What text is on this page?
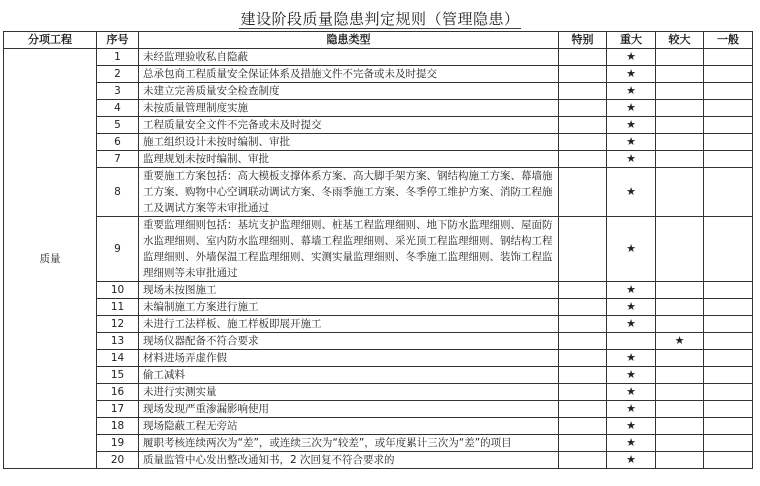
建设阶段质量隐患判定规则（管理隐患）
分项工程	序号	隐患类型	特别	重大	较大	一般
质量	1	未经监理验收私自隐蔽		★		
	2	总承包商工程质量安全保证体系及措施文件不完备或未及时提交		★		
	3	未建立完善质量安全检查制度		★		
	4	未按质量管理制度实施		★		
	5	工程质量安全文件不完备或未及时提交		★		
	6	施工组织设计未按时编制、审批		★		
	7	监理规划未按时编制、审批		★		
	8	重要施工方案包括：高大模板支撑体系方案、高大脚手架方案、钢结构施工方案、幕墙施工方案、购物中心空调联动调试方案、冬雨季施工方案、冬季停工维护方案、消防工程施工及调试方案等未审批通过		★		
	9	重要监理细则包括：基坑支护监理细则、桩基工程监理细则、地下防水监理细则、屋面防水监理细则、室内防水监理细则、幕墙工程监理细则、采光顶工程监理细则、钢结构工程监理细则、外墙保温工程监理细则、实测实量监理细则、冬季施工监理细则、装饰工程监理细则等未审批通过		★		
	10	现场未按图施工		★		
	11	未编制施工方案进行施工		★		
	12	未进行工法样板、施工样板即展开施工		★		
	13	现场仪器配备不符合要求			★	
	14	材料进场弄虚作假		★		
	15	偷工减料		★		
	16	未进行实测实量		★		
	17	现场发现严重渗漏影响使用		★		
	18	现场隐蔽工程无旁站		★		
	19	履职考核连续两次为“差”，或连续三次为“较差”，或年度累计三次为“差”的项目		★		
	20	质量监管中心发出整改通知书，2 次回复不符合要求的		★		
